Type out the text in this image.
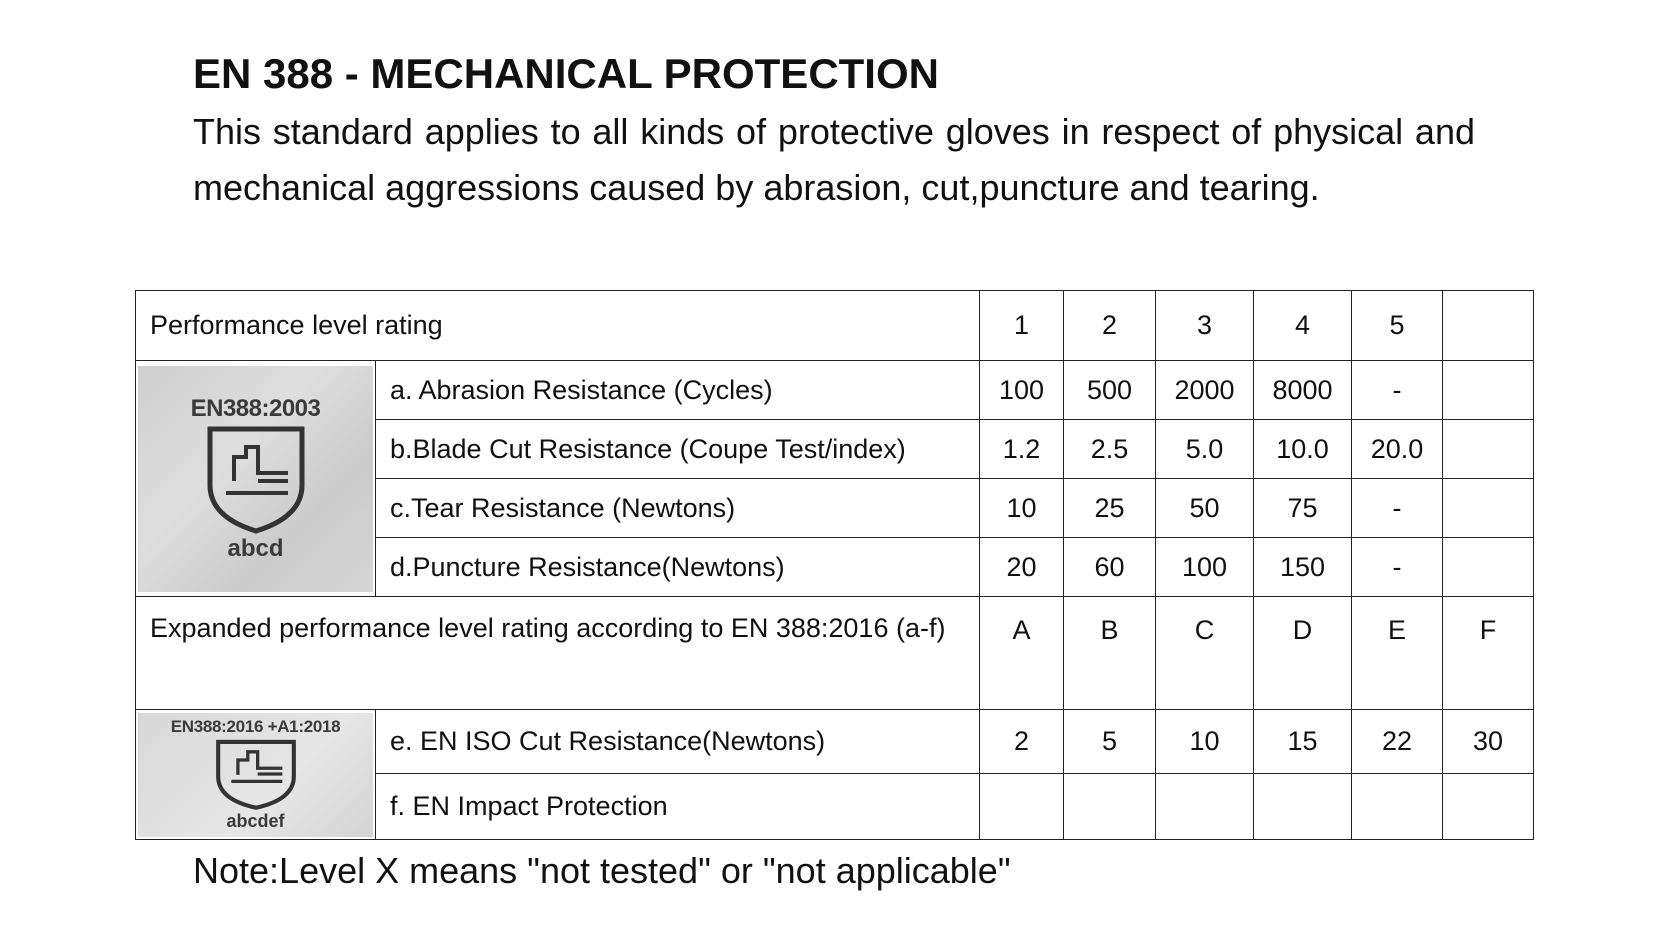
EN 388 - MECHANICAL PROTECTION
This standard applies to all kinds of protective gloves in respect of physical and mechanical aggressions caused by abrasion, cut,puncture and tearing.
Performance level rating		1	2	3	4	5	

EN388:2003
abcd	a. Abrasion Resistance (Cycles)	100	500	2000	8000	-	
	b.Blade Cut Resistance (Coupe Test/index)	1.2	2.5	5.0	10.0	20.0	
	c.Tear Resistance (Newtons)	10	25	50	75	-	
	d.Puncture Resistance(Newtons)	20	60	100	150	-	
Expanded performance level rating according to EN 388:2016 (a-f)		A	B	C	D	E	F

EN388:2016 +A1:2018
abcdef	e. EN ISO Cut Resistance(Newtons)	2	5	10	15	22	30
	f. EN Impact Protection						
Note:Level X means "not tested" or "not applicable"
